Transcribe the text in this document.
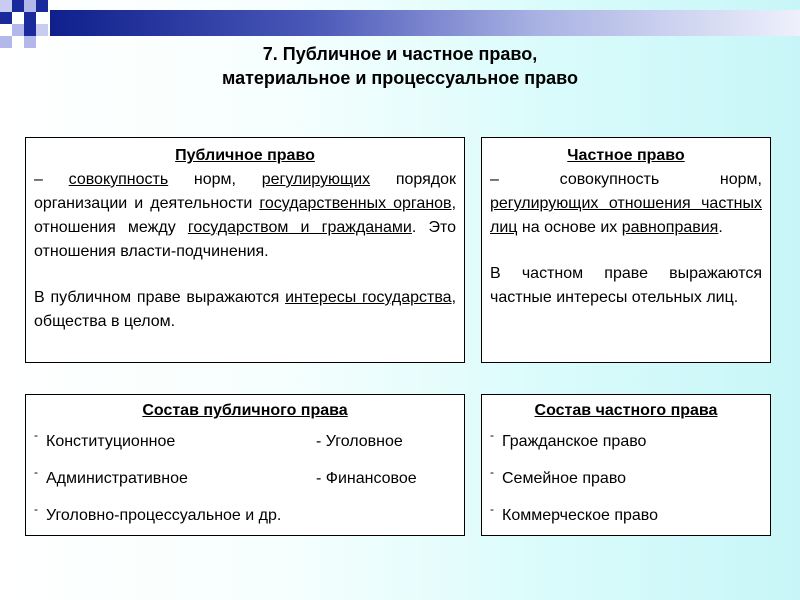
7. Публичное и частное право,
материальное и процессуальное право
Публичное право

– совокупность норм, регулирующих порядок организации и деятельности государственных органов, отношения между государством и гражданами. Это отношения власти-подчинения.

В публичном праве выражаются интересы государства, общества в целом.

Частное право

– совокупность норм, регулирующих отношения частных лиц на основе их равноправия.

В частном праве выражаются частные интересы отельных лиц.

Состав публичного права
- Конституционное
- Административное
- Уголовно-процессуальное и др.
- Уголовное
- Финансовое
Состав частного права
- Гражданское право
- Семейное право
- Коммерческое право
